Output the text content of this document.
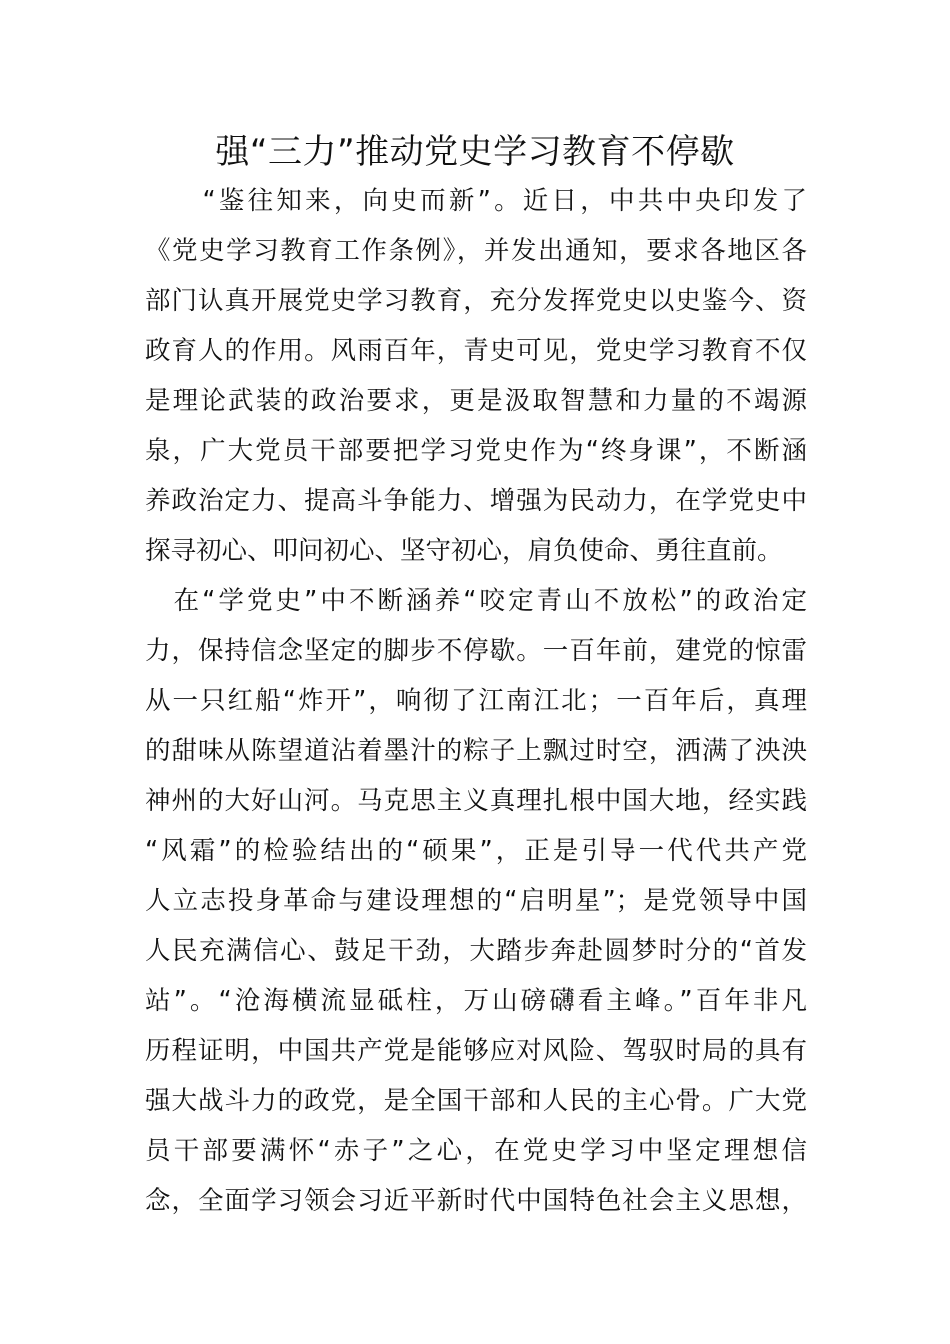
强“三力”推动党史学习教育不停歇
　　“鉴往知来，向史而新”。近日，中共中央印发了
《党史学习教育工作条例》，并发出通知，要求各地区各
部门认真开展党史学习教育，充分发挥党史以史鉴今、资
政育人的作用。风雨百年，青史可见，党史学习教育不仅
是理论武装的政治要求，更是汲取智慧和力量的不竭源
泉，广大党员干部要把学习党史作为“终身课”，不断涵
养政治定力、提高斗争能力、增强为民动力，在学党史中
探寻初心、叩问初心、坚守初心，肩负使命、勇往直前。
　在“学党史”中不断涵养“咬定青山不放松”的政治定
力，保持信念坚定的脚步不停歇。一百年前，建党的惊雷
从一只红船“炸开”，响彻了江南江北；一百年后，真理
的甜味从陈望道沾着墨汁的粽子上飘过时空，洒满了泱泱
神州的大好山河。马克思主义真理扎根中国大地，经实践
“风霜”的检验结出的“硕果”，正是引导一代代共产党
人立志投身革命与建设理想的“启明星”；是党领导中国
人民充满信心、鼓足干劲，大踏步奔赴圆梦时分的“首发
站”。“沧海横流显砥柱，万山磅礴看主峰。”百年非凡
历程证明，中国共产党是能够应对风险、驾驭时局的具有
强大战斗力的政党，是全国干部和人民的主心骨。广大党
员干部要满怀“赤子”之心，在党史学习中坚定理想信
念，全面学习领会习近平新时代中国特色社会主义思想，
